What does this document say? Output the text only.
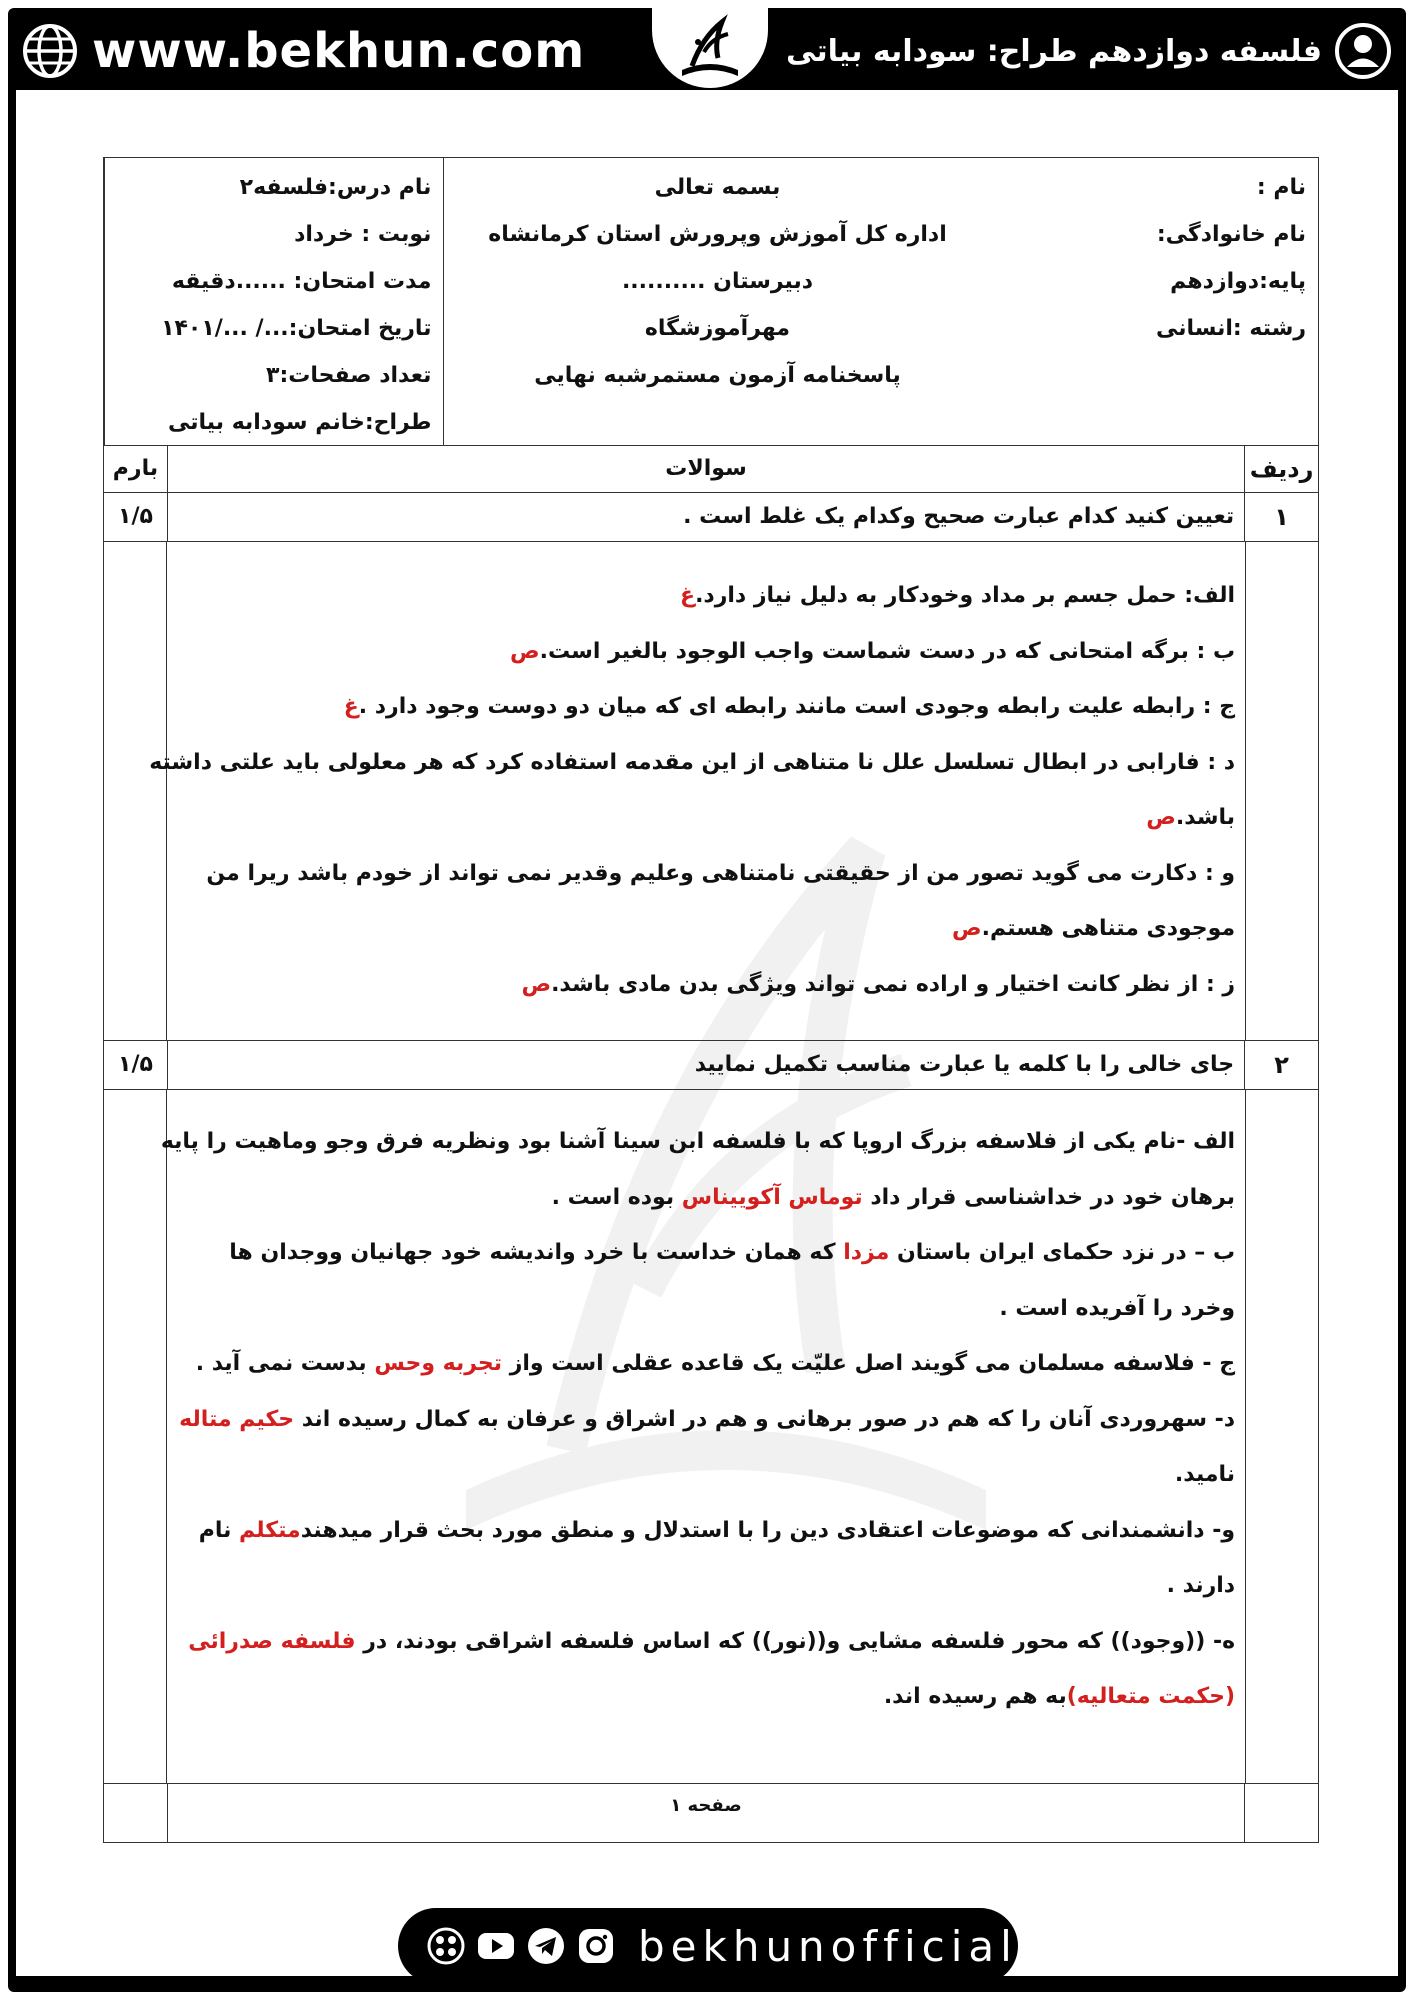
www.bekhun.com	فلسفه دوازدهم طراح: سودابه بیاتی
نام :
نام خانوادگی:
پایه:دوازدهم
رشته :انسانی
بسمه تعالی
اداره کل آموزش وپرورش استان کرمانشاه
دبیرستان ..........
مهرآموزشگاه
پاسخنامه آزمون مستمرشبه نهایی
نام درس:فلسفه۲
نوبت : خرداد
مدت امتحان: ......دقیقه
تاریخ امتحان:.../ .../۱۴۰۱
تعداد صفحات:۳
طراح:خانم سودابه بیاتی
ردیف
سوالات
بارم
۱
تعیین کنید کدام عبارت صحیح وکدام یک غلط است .
۱/۵
الف: حمل جسم بر مداد وخودکار به دلیل نیاز دارد.غ
ب : برگه امتحانی که در دست شماست واجب الوجود بالغیر است.ص
ج : رابطه علیت رابطه وجودی است مانند رابطه ای که میان دو دوست وجود دارد .غ
د : فارابی در ابطال تسلسل علل نا متناهی از این مقدمه استفاده کرد که هر معلولی باید علتی داشته
باشد.ص
و : دکارت می گوید تصور من از حقیقتی نامتناهی وعلیم وقدیر نمی تواند از خودم باشد ریرا من
موجودی متناهی هستم.ص
ز : از نظر کانت اختیار و اراده نمی تواند ویژگی بدن مادی باشد.ص
۲
جای خالی را با کلمه یا عبارت مناسب تکمیل نمایید
۱/۵
الف -نام یکی از فلاسفه بزرگ اروپا که با فلسفه ابن سینا آشنا بود ونظریه فرق وجو وماهیت را پایه
برهان خود در خداشناسی قرار داد توماس آکویینا‌س بوده است .
ب – در نزد حکمای ایران باستان مزدا که همان خداست با خرد واندیشه خود جهانیان ووجدان ها
وخرد را آفریده است .
ج - فلاسفه مسلمان می گویند اصل علیّت یک قاعده عقلی است واز تجربه وحس بدست نمی آید .
د- سهروردی آنان را که هم در صور برهانی و هم در اشراق و عرفان به کمال رسیده اند حکیم متاله
نامید.
و- دانشمندانی که موضوعات اعتقادی دین را با استدلال و منطق مورد بحث قرار میدهندمتکلم نام
دارند .
ه- ((وجود)) که محور فلسفه مشایی و((نور)) که اساس فلسفه اشراقی بودند، در فلسفه صدرائی
(حکمت متعالیه)به هم رسیده اند.
صفحه ۱
bekhunofficial
